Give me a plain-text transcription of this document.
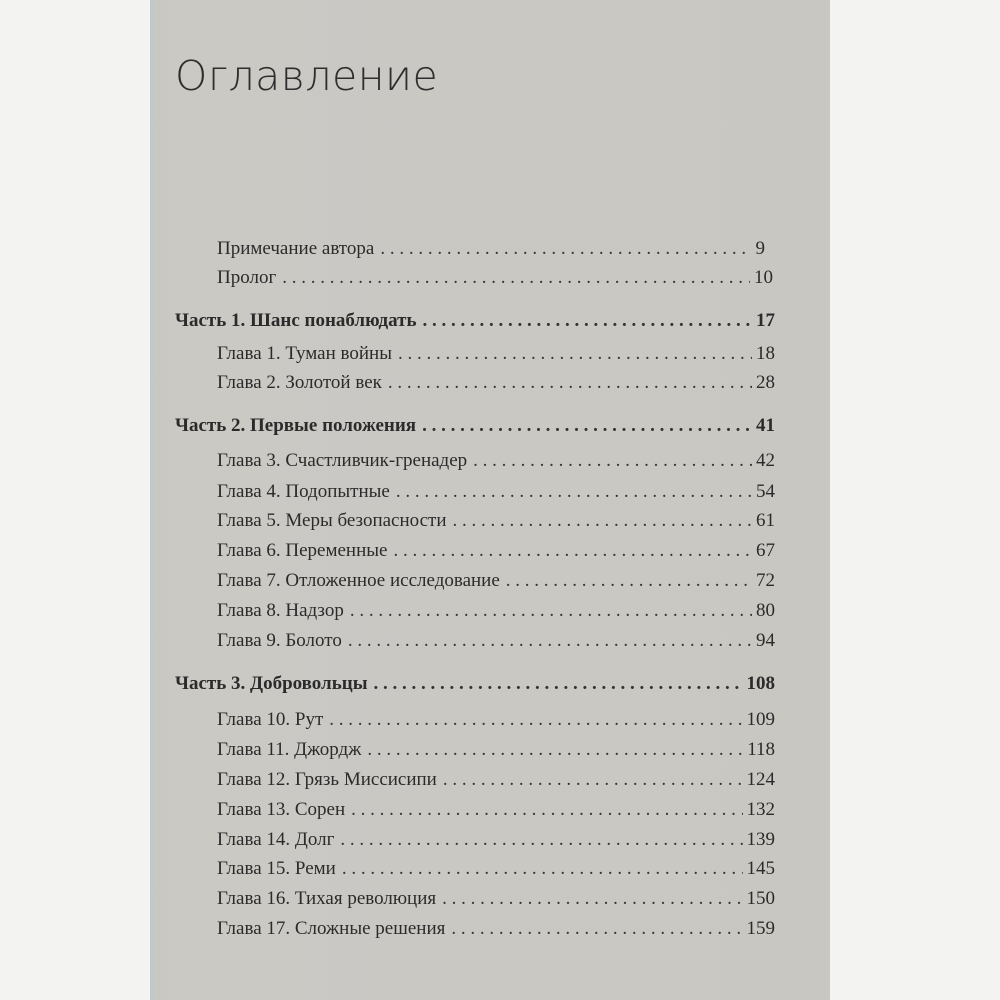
Оглавление
Примечание автора . . .	9
Пролог . . .	10
Часть 1. Шанс понаблюдать . . .	17
Глава 1. Туман войны . . .	18
Глава 2. Золотой век . . .	28
Часть 2. Первые положения . . .	41
Глава 3. Счастливчик-гренадер . . .	42
Глава 4. Подопытные . . .	54
Глава 5. Меры безопасности . . .	61
Глава 6. Переменные . . .	67
Глава 7. Отложенное исследование . . .	72
Глава 8. Надзор . . .	80
Глава 9. Болото . . .	94
Часть 3. Добровольцы . . .	108
Глава 10. Рут . . .	109
Глава 11. Джордж . . .	118
Глава 12. Грязь Миссисипи . . .	124
Глава 13. Сорен . . .	132
Глава 14. Долг . . .	139
Глава 15. Реми . . .	145
Глава 16. Тихая революция . . .	150
Глава 17. Сложные решения . . .	159
